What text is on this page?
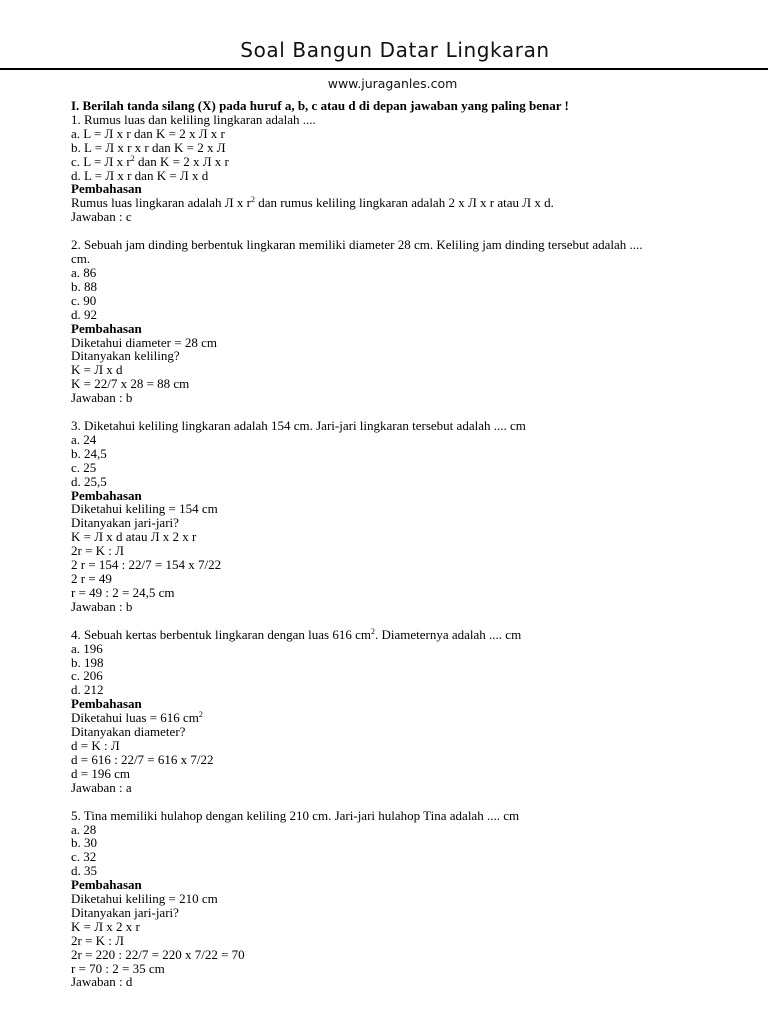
Soal Bangun Datar Lingkaran
www.juraganles.com
I. Berilah tanda silang (X) pada huruf a, b, c atau d di depan jawaban yang paling benar !
1. Rumus luas dan keliling lingkaran adalah ....
a. L = Л x r dan K = 2 x Л x r
b. L = Л x r x r dan K = 2 x Л
c. L = Л x $r^2$ dan K = 2 x Л x r
d. L = Л x r dan K = Л x d
Pembahasan
Rumus luas lingkaran adalah Л x $r^2$ dan rumus keliling lingkaran adalah 2 x Л x r atau Л x d.
Jawaban : c
2. Sebuah jam dinding berbentuk lingkaran memiliki diameter 28 cm. Keliling jam dinding tersebut adalah ....
cm.
a. 86
b. 88
c. 90
d. 92
Pembahasan
Diketahui diameter = 28 cm
Ditanyakan keliling?
K = Л x d
K = 22/7 x 28 = 88 cm
Jawaban : b
3. Diketahui keliling lingkaran adalah 154 cm. Jari-jari lingkaran tersebut adalah .... cm
a. 24
b. 24,5
c. 25
d. 25,5
Pembahasan
Diketahui keliling = 154 cm
Ditanyakan jari-jari?
K = Л x d atau Л x 2 x r
2r = K : Л
2 r = 154 : 22/7 = 154 x 7/22
2 r = 49
r = 49 : 2 = 24,5 cm
Jawaban : b
4. Sebuah kertas berbentuk lingkaran dengan luas 616 $cm^2$. Diameternya adalah .... cm
a. 196
b. 198
c. 206
d. 212
Pembahasan
Diketahui luas = 616 $cm^2$
Ditanyakan diameter?
d = K : Л
d = 616 : 22/7 = 616 x 7/22
d = 196 cm
Jawaban : a
5. Tina memiliki hulahop dengan keliling 210 cm. Jari-jari hulahop Tina adalah .... cm
a. 28
b. 30
c. 32
d. 35
Pembahasan
Diketahui keliling = 210 cm
Ditanyakan jari-jari?
K = Л x 2 x r
2r = K : Л
2r = 220 : 22/7 = 220 x 7/22 = 70
r = 70 : 2 = 35 cm
Jawaban : d
